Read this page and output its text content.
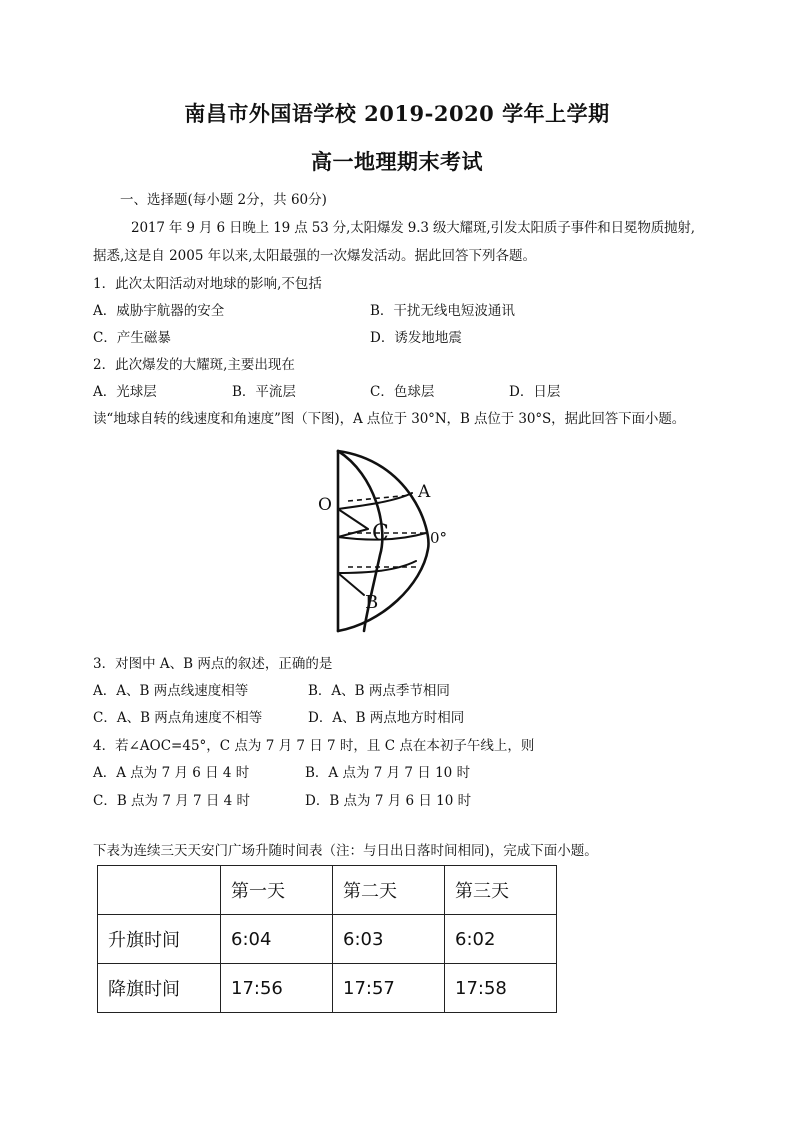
南昌市外国语学校 2019-2020 学年上学期
高一地理期末考试
一、选择题(每小题 2分，共 60分)
2017 年 9 月 6 日晚上 19 点 53 分,太阳爆发 9.3 级大耀斑,引发太阳质子事件和日冕物质抛射,
据悉,这是自 2005 年以来,太阳最强的一次爆发活动。据此回答下列各题。
1．此次太阳活动对地球的影响,不包括
A．威胁宇航器的安全	B．干扰无线电短波通讯
C．产生磁暴	D．诱发地地震
2．此次爆发的大耀斑,主要出现在
A．光球层	B．平流层	C．色球层	D．日层
读“地球自转的线速度和角速度”图（下图)，A 点位于 30°N，B 点位于 30°S，据此回答下面小题。
O
A
C	0°
B
3．对图中 A、B 两点的叙述，正确的是
A．A、B 两点线速度相等	B．A、B 两点季节相同
C．A、B 两点角速度不相等	D．A、B 两点地方时相同
4．若∠AOC=45°，C 点为 7 月 7 日 7 时，且 C 点在本初子午线上，则
A．A 点为 7 月 6 日 4 时	B．A 点为 7 月 7 日 10 时
C．B 点为 7 月 7 日 4 时	D．B 点为 7 月 6 日 10 时
下表为连续三天天安门广场升随时间表（注：与日出日落时间相同)，完成下面小题。
	第一天	第二天	第三天
升旗时间	6:04	6:03	6:02
降旗时间	17:56	17:57	17:58
